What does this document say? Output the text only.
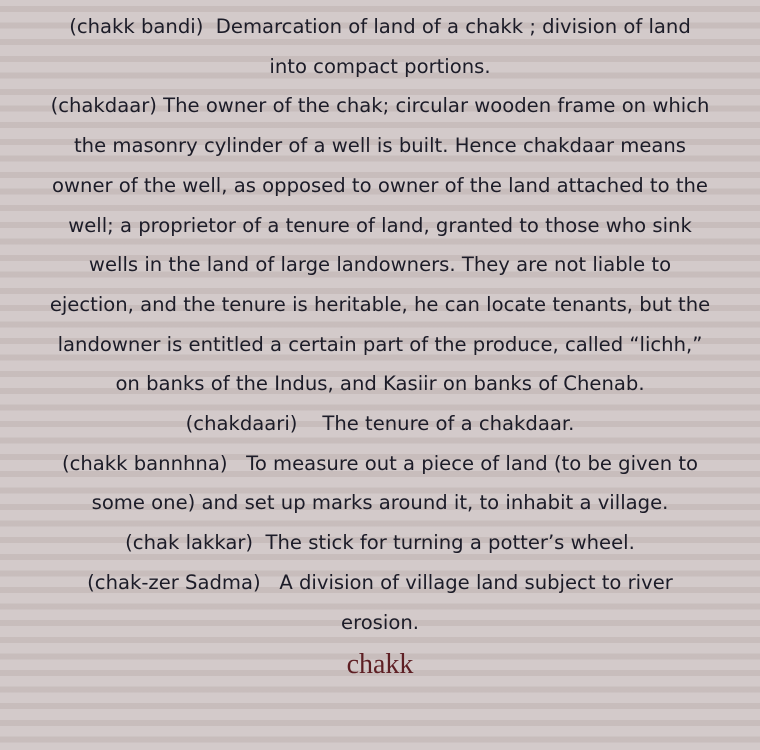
(chakk bandi)  Demarcation of land of a chakk ; division of land
into compact portions.
(chakdaar) The owner of the chak; circular wooden frame on which
the masonry cylinder of a well is built. Hence chakdaar means
owner of the well, as opposed to owner of the land attached to the
well; a proprietor of a tenure of land, granted to those who sink
wells in the land of large landowners. They are not liable to
ejection, and the tenure is heritable, he can locate tenants, but the
landowner is entitled a certain part of the produce, called “lichh,”
on banks of the Indus, and Kasiir on banks of Chenab.
(chakdaari)    The tenure of a chakdaar.
(chakk bannhna)   To measure out a piece of land (to be given to
some one) and set up marks around it, to inhabit a village.
(chak lakkar)  The stick for turning a potter’s wheel.
(chak-zer Sadma)   A division of village land subject to river
erosion.
chakk
